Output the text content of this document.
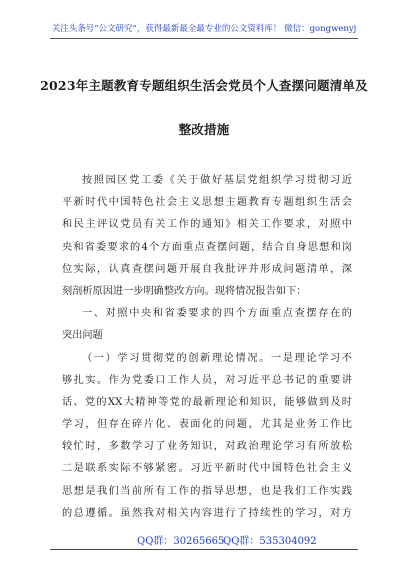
关注头条号“公文研究”，获得最新最全最专业的公文资料库！ 微信：gongwenyj
2023年主题教育专题组织生活会党员个人查摆问题清单及
整改措施
按照园区党工委《关于做好基层党组织学习贯彻习近
平新时代中国特色社会主义思想主题教育专题组织生活会
和民主评议党员有关工作的通知》相关工作要求，对照中
央和省委要求的4个方面重点查摆问题，结合自身思想和岗
位实际，认真查摆问题开展自我批评并形成问题清单，深
刻剖析原因进一步明确整改方向。现将情况报告如下：
一、对照中央和省委要求的四个方面重点查摆存在的
突出问题
（一）学习贯彻党的创新理论情况。一是理论学习不
够扎实。作为党委口工作人员，对习近平总书记的重要讲
话、党的XX大精神等党的最新理论和知识，能够做到及时
学习，但存在碎片化、表面化的问题，尤其是业务工作比
较忙时，多数学习了业务知识，对政治理论学习有所放松
二是联系实际不够紧密。习近平新时代中国特色社会主义
思想是我们当前所有工作的指导思想，也是我们工作实践
的总遵循。虽然我对相关内容进行了持续性的学习，对方
QQ群：30265665
QQ群：535304092
